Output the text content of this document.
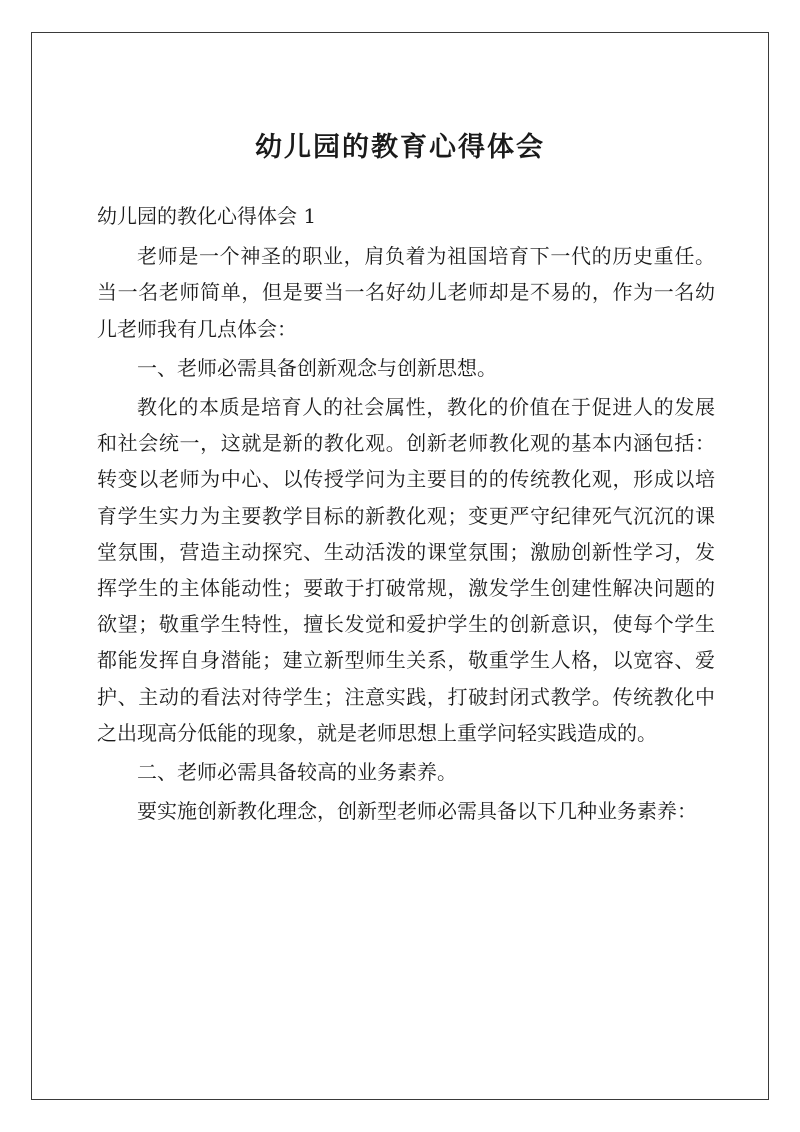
幼儿园的教育心得体会

幼儿园的教化心得体会 1

老师是一个神圣的职业，肩负着为祖国培育下一代的历史重任。当一名老师简单，但是要当一名好幼儿老师却是不易的，作为一名幼儿老师我有几点体会：

一、老师必需具备创新观念与创新思想。

教化的本质是培育人的社会属性，教化的价值在于促进人的发展和社会统一，这就是新的教化观。创新老师教化观的基本内涵包括：转变以老师为中心、以传授学问为主要目的的传统教化观，形成以培育学生实力为主要教学目标的新教化观；变更严守纪律死气沉沉的课堂氛围，营造主动探究、生动活泼的课堂氛围；激励创新性学习，发挥学生的主体能动性；要敢于打破常规，激发学生创建性解决问题的欲望；敬重学生特性，擅长发觉和爱护学生的创新意识，使每个学生都能发挥自身潜能；建立新型师生关系，敬重学生人格，以宽容、爱护、主动的看法对待学生；注意实践，打破封闭式教学。传统教化中之出现高分低能的现象，就是老师思想上重学问轻实践造成的。

二、老师必需具备较高的业务素养。

要实施创新教化理念，创新型老师必需具备以下几种业务素养：
